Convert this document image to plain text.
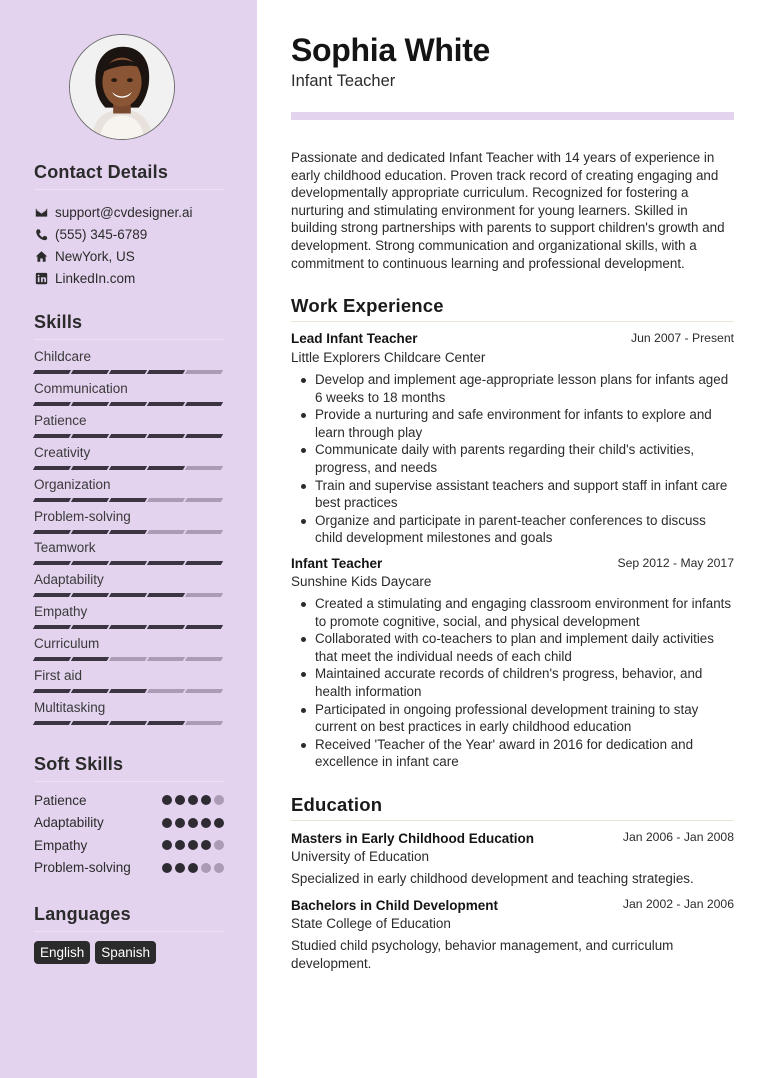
Contact Details
support@cvdesigner.ai
(555) 345-6789
NewYork, US
LinkedIn.com
Skills
Childcare
Communication
Patience
Creativity
Organization
Problem-solving
Teamwork
Adaptability
Empathy
Curriculum
First aid
Multitasking
Soft Skills
Patience
Adaptability
Empathy
Problem-solving
Languages
English	Spanish
Sophia White
Infant Teacher
Passionate and dedicated Infant Teacher with 14 years of experience in early childhood education. Proven track record of creating engaging and developmentally appropriate curriculum. Recognized for fostering a nurturing and stimulating environment for young learners. Skilled in building strong partnerships with parents to support children's growth and development. Strong communication and organizational skills, with a commitment to continuous learning and professional development.
Work Experience
Lead Infant Teacher	Jun 2007 - Present
Little Explorers Childcare Center
Develop and implement age-appropriate lesson plans for infants aged 6 weeks to 18 months
Provide a nurturing and safe environment for infants to explore and learn through play
Communicate daily with parents regarding their child's activities, progress, and needs
Train and supervise assistant teachers and support staff in infant care best practices
Organize and participate in parent-teacher conferences to discuss child development milestones and goals
Infant Teacher	Sep 2012 - May 2017
Sunshine Kids Daycare
Created a stimulating and engaging classroom environment for infants to promote cognitive, social, and physical development
Collaborated with co-teachers to plan and implement daily activities that meet the individual needs of each child
Maintained accurate records of children's progress, behavior, and health information
Participated in ongoing professional development training to stay current on best practices in early childhood education
Received 'Teacher of the Year' award in 2016 for dedication and excellence in infant care
Education
Masters in Early Childhood Education	Jan 2006 - Jan 2008
University of Education
Specialized in early childhood development and teaching strategies.
Bachelors in Child Development	Jan 2002 - Jan 2006
State College of Education
Studied child psychology, behavior management, and curriculum development.
